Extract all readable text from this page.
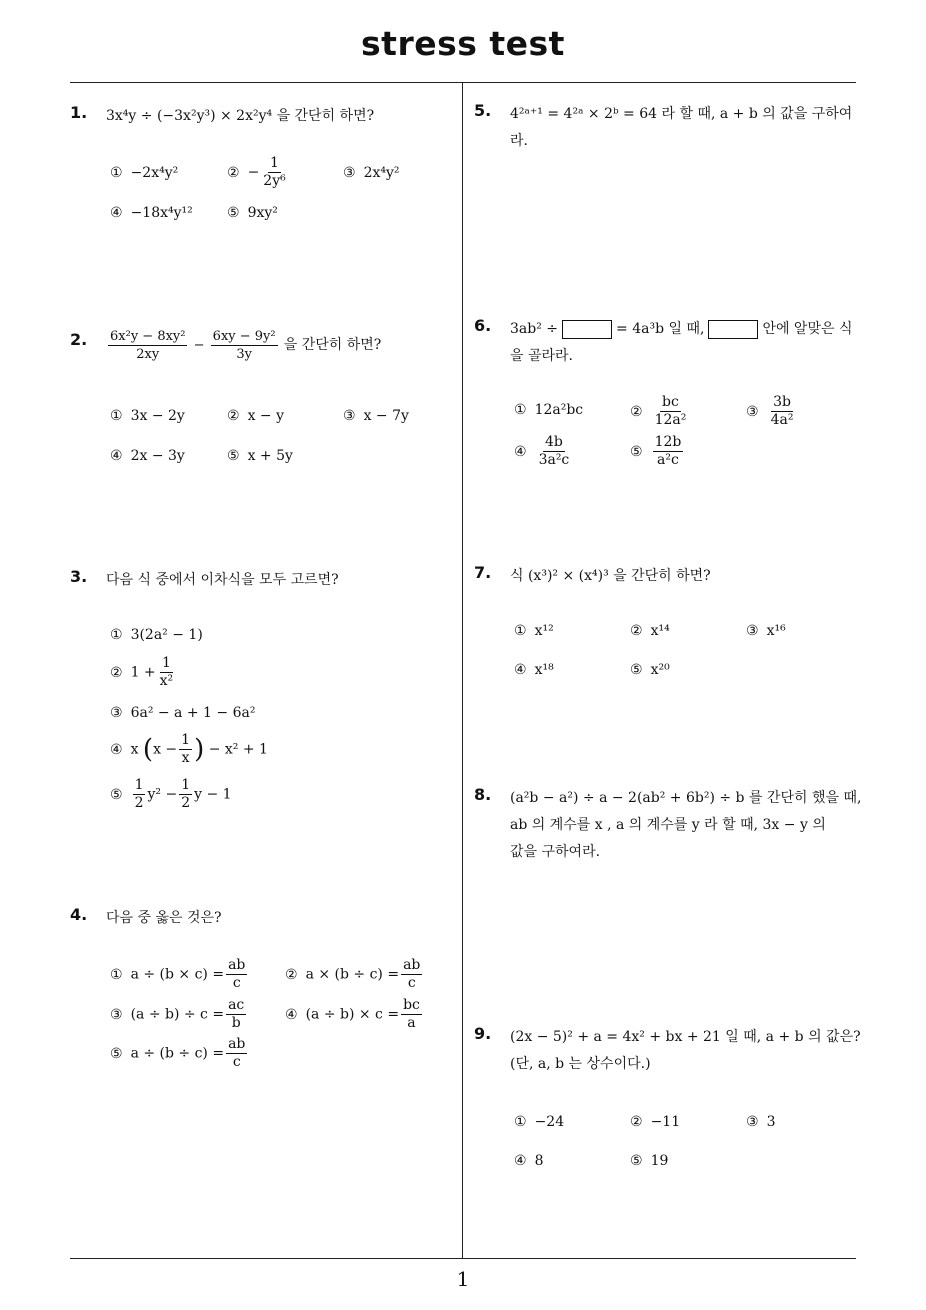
stress test
1
1. 3x⁴y ÷ (−3x²y³) × 2x²y⁴ 을 간단히 하면?
① −2x⁴y²	② − $\frac{1}{\text{2y⁶}}$	③ 2x⁴y²
④ −18x⁴y¹² ⑤ 9xy²
2. $\frac{\text{6x²y − 8xy²}}{2xy} - \frac{\text{6xy − 9y²}}{3y}$ 을 간단히 하면?
① 3x − 2y	② x − y	③ x − 7y
④ 2x − 3y	⑤ x + 5y
3. 다음 식 중에서 이차식을 모두 고르면?
① 3(2a² − 1)
② $1 + \frac{1}{\text{x²}}$
③ 6a² − a + 1 − 6a²
④ x ($x - \frac{1}{x}$ ) − x² + 1
⑤ $\frac{1}{2} y^2 - \frac{1}{2}$ y − 1
4. 다음 중 옳은 것은?
① $a \div (b \times c) = \frac{ab}{c}$	② $a \times (b \div c) = \frac{ab}{c}$
③ $(a \div b) \div c = \frac{ac}{b}$	④ $(a \div b) \times c = \frac{bc}{a}$
⑤ $a \div (b \div c) = \frac{ab}{c}$
5. 4²ᵃ⁺¹ = 4²ᵃ × 2ᵇ = 64 라 할 때, a + b 의 값을 구하여
라.
6. 3ab² ÷	= 4a³b 일 때,	안에 알맞은 식
을 골라라.
① 12a²bc	② $\frac{bc}{\text{12a²}}$	③ $\frac{3b}{\text{4a²}}$
④ $\frac{4b}{\text{3a²c}}$	⑤ $\frac{12b}{\text{a²c}}$
7. 식 (x³)² × (x⁴)³ 을 간단히 하면?
① x¹²	② x¹⁴	③ x¹⁶
④ x¹⁸	⑤ x²⁰
8. (a²b − a²) ÷ a − 2(ab² + 6b²) ÷ b 를 간단히 했을 때,
ab 의 계수를 x , a 의 계수를 y 라 할 때, 3x − y 의
값을 구하여라.
9. (2x − 5)² + a = 4x² + bx + 21 일 때, a + b 의 값은?
(단, a, b 는 상수이다.)
① −24	② −11	③ 3
④ 8	⑤ 19
